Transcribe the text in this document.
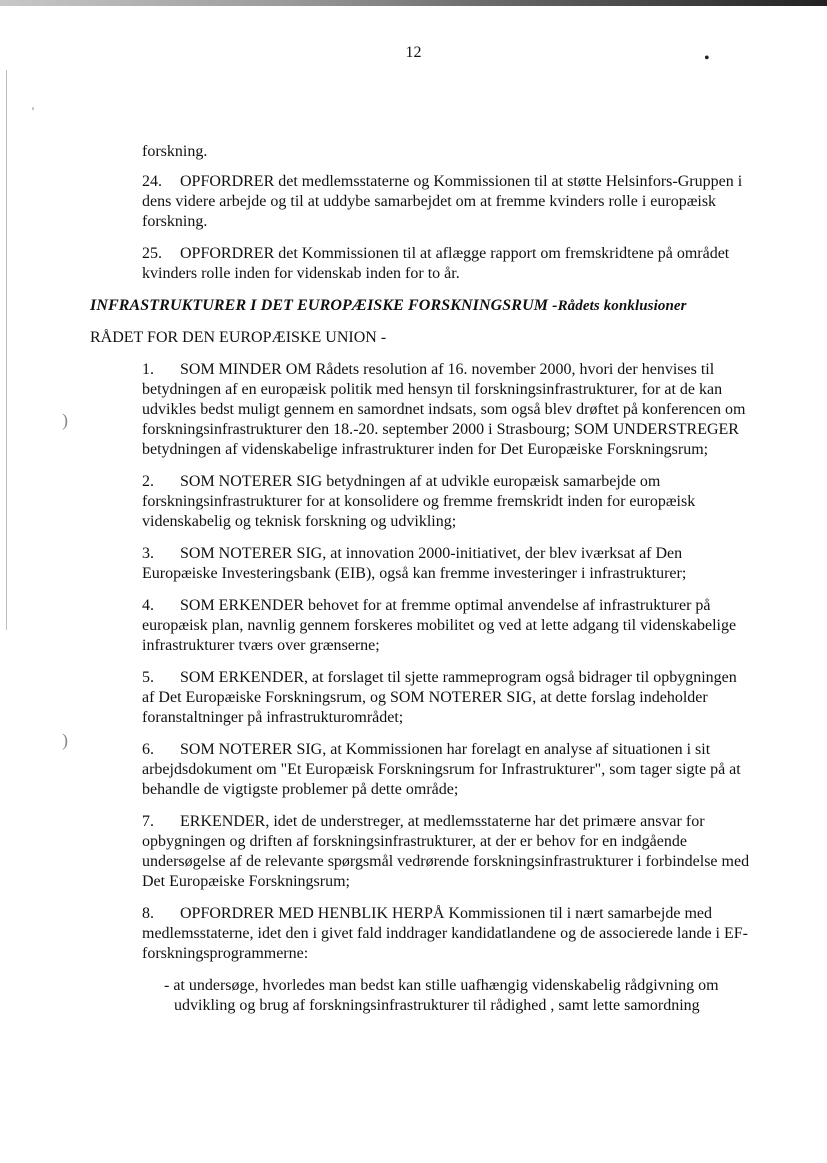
•
ˌ
)
)
12
forskning.
24. OPFORDRER det medlemsstaterne og Kommissionen til at støtte Helsinfors-Gruppen i dens videre arbejde og til at uddybe samarbejdet om at fremme kvinders rolle i europæisk forskning.
25. OPFORDRER det Kommissionen til at aflægge rapport om fremskridtene på området kvinders rolle inden for videnskab inden for to år.
INFRASTRUKTURER I DET EUROPÆISKE FORSKNINGSRUM -Rådets konklusioner
RÅDET FOR DEN EUROPÆISKE UNION -
1. SOM MINDER OM Rådets resolution af 16. november 2000, hvori der henvises til betydningen af en europæisk politik med hensyn til forskningsinfrastrukturer, for at de kan udvikles bedst muligt gennem en samordnet indsats, som også blev drøftet på konferencen om forskningsinfrastrukturer den 18.-20. september 2000 i Strasbourg; SOM UNDERSTREGER betydningen af videnskabelige infrastrukturer inden for Det Europæiske Forskningsrum;
2. SOM NOTERER SIG betydningen af at udvikle europæisk samarbejde om forskningsinfrastrukturer for at konsolidere og fremme fremskridt inden for europæisk videnskabelig og teknisk forskning og udvikling;
3. SOM NOTERER SIG, at innovation 2000-initiativet, der blev iværksat af Den Europæiske Investeringsbank (EIB), også kan fremme investeringer i infrastrukturer;
4. SOM ERKENDER behovet for at fremme optimal anvendelse af infrastrukturer på europæisk plan, navnlig gennem forskeres mobilitet og ved at lette adgang til videnskabelige infrastrukturer tværs over grænserne;
5. SOM ERKENDER, at forslaget til sjette rammeprogram også bidrager til opbygningen af Det Europæiske Forskningsrum, og SOM NOTERER SIG, at dette forslag indeholder foranstaltninger på infrastrukturområdet;
6. SOM NOTERER SIG, at Kommissionen har forelagt en analyse af situationen i sit arbejdsdokument om "Et Europæisk Forskningsrum for Infrastrukturer", som tager sigte på at behandle de vigtigste problemer på dette område;
7. ERKENDER, idet de understreger, at medlemsstaterne har det primære ansvar for opbygningen og driften af forskningsinfrastrukturer, at der er behov for en indgående undersøgelse af de relevante spørgsmål vedrørende forskningsinfrastrukturer i forbindelse med Det Europæiske Forskningsrum;
8. OPFORDRER MED HENBLIK HERPÅ Kommissionen til i nært samarbejde med medlemsstaterne, idet den i givet fald inddrager kandidatlandene og de associerede lande i EF-forskningsprogrammerne:
- at undersøge, hvorledes man bedst kan stille uafhængig videnskabelig rådgivning om udvikling og brug af forskningsinfrastrukturer til rådighed , samt lette samordning
